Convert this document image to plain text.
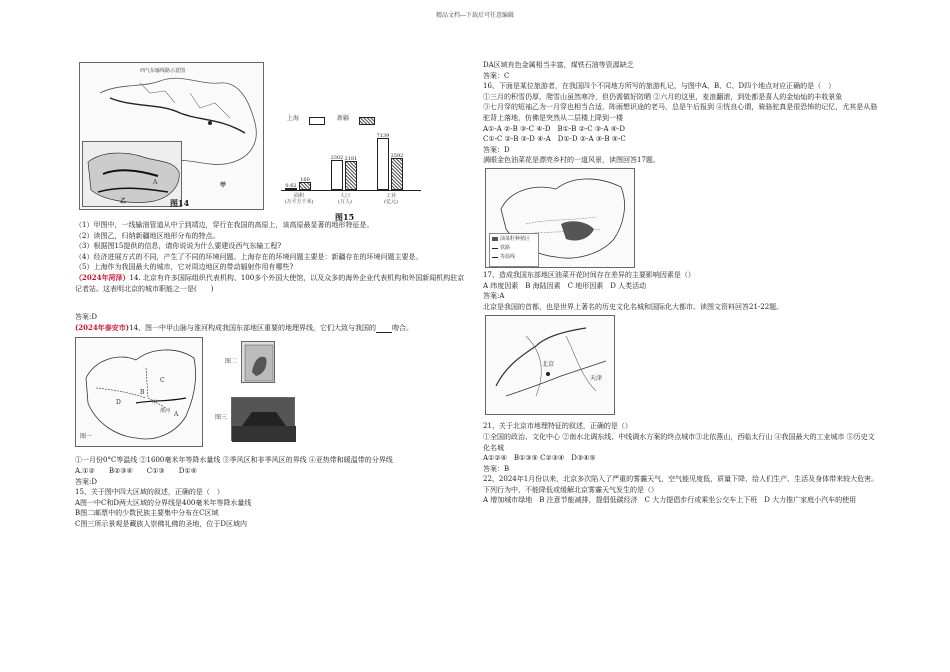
精品文档---下载后可任意编辑
西气东输线路示意图
A
乙
甲
图14
上海	新疆
0.62
160
2302 2181
7139
2592
面积
(万平方千米)
人口
(万人)
工业
(亿元)
图15

（1）甲图中，一线输油管道从中亍到靖边，穿行在我国的高原上，该高原最显著的地形特征是。

（2）读图乙，归纳新疆地区地形分布的特点。

（3）根据图15提供的信息，请你说说为什么要建设西气东输工程?

（4）经济进展方式的不同，产生了不同的环境问题。上海存在的环境问题主要是：新疆存在的环境问题主要是。

（5）上海作为我国最大的城市，它对周边地区的带动辐射作用有哪些?

（2024年菏泽）14. 北京有许多国际组织代表机构、100多个外国大使馆，以及众多的海外企业代表机构和外国新闻机构驻京记者站。这表明北京的城市职能之一是(　　)

答案:D

(2024年泰安市)14、图一中甲山脉与淮河构成我国东部地区重要的地理界线，它们大致与我国的 吻合。

C
A
D
B
甲
淮河
图一
图二
图三

①一月份0°C等温线 ②1600毫米年等降水量线 ③季风区和非季风区的界线 ④亚热带和暖温带的分界线

A.①②　　B②③④　　C①③　　D①④

答案:D

15、关于图中四大区域的叙述，正确的是（　）

A图一中C和D两大区域的分界线是400毫米年等降水量线

B图二邮票中的少数民族主要集中分布在C区域

C图三所示景观是藏族人崇佛礼佛的圣地，位于D区域内

DA区域有色金属相当丰富，煤铁石油等资源缺乏

答案：C

16、下面是某位旅游者，在我国四个不同地方所写的旅游札记，与图中A、B、C、D四个地点对应正确的是（　）

①三月的积雪仍厚，爬雪山虽然寒冷，但仍需做好防晒 ②六月的这里，麦浪翻滚，到处都是喜人的金灿灿的丰收景象

③七月穿的短袖乙为一月穿也相当合适，阵雨想识途的老马，总是午后报到 ④恍良心谓，骑骆驼真是很恐怖的记忆，尤其是从骆驼背上落地，仿佛是突然从二层楼上降到一楼

A①-A ②-B ③-C ④-D　B①-B ②-C ③-A ④-D

C①-C ②-B ③-D ④-A　D①-D ②-A ③-B ④-C

答案：D

满眼金色油菜花是漂亮乡村的一道风景，读图回答17题。

油菜籽种植区
铁路
等温线

17、造成我国东部地区油菜开花时间存在差异的主要影响因素是（）

A 纬度因素　B 海陆因素　C 地形因素　D 人类活动

答案:A

北京是我国的首都，也是世界上著名的历史文化名城和国际化大都市。读图文资料回答21-22题。

北京
天津

21、关于北京市地理特征的叙述，正确的是（）

①全国的政治、文化中心 ②南水北调东线、中线调水方案的终点城市③北依燕山，西临太行山 ④我国最大的工业城市 ⑤历史文化名城

A①②④　B①③⑤ C②③④　D③④⑤

答案：B

22、2024年1月份以来，北京多次陷入了严重的雾霾天气，空气能见度低，质量下降，给人们生产、生活及身体带来较大危害。下列行为中，不能降低或缓解北京雾霾天气发生的是（）

A 增加城市绿地　B 注意节能减排，提倡低碳经济　C 大力提倡步行或乘坐公交车上下班　D 大力推广家庭小汽车的使用
